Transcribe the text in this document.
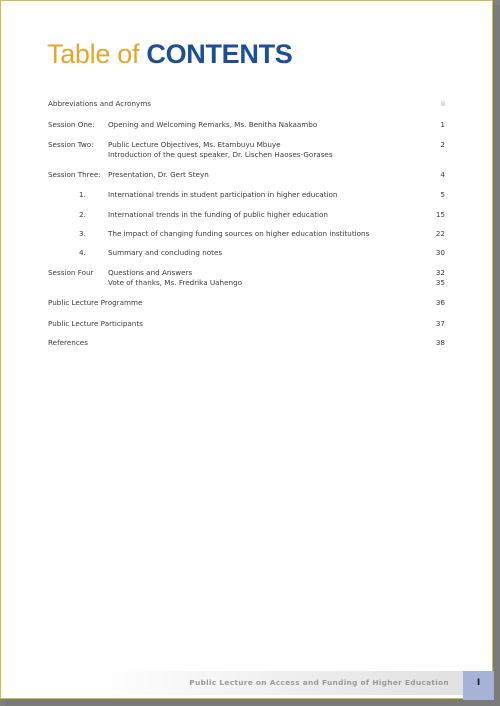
Table of CONTENTS
Abbreviations and Acronyms	ii
Session One: Opening and Welcoming Remarks, Ms. Benitha Nakaambo	1
Session Two: Public Lecture Objectives, Ms. Etambuyu Mbuye	2
Introduction of the quest speaker, Dr. Lischen Haoses-Gorases
Session Three: Presentation, Dr. Gert Steyn	4
1.	International trends in student participation in higher education	5
2.	International trends in the funding of public higher education	15
3.	The impact of changing funding sources on higher education institutions	22
4.	Summary and concluding notes	30
Session Four Questions and Answers	32
Vote of thanks, Ms. Fredrika Uahengo	35
Public Lecture Programme	36
Public Lecture Participants	37
References	38
Public Lecture on Access and Funding of Higher Education	I
